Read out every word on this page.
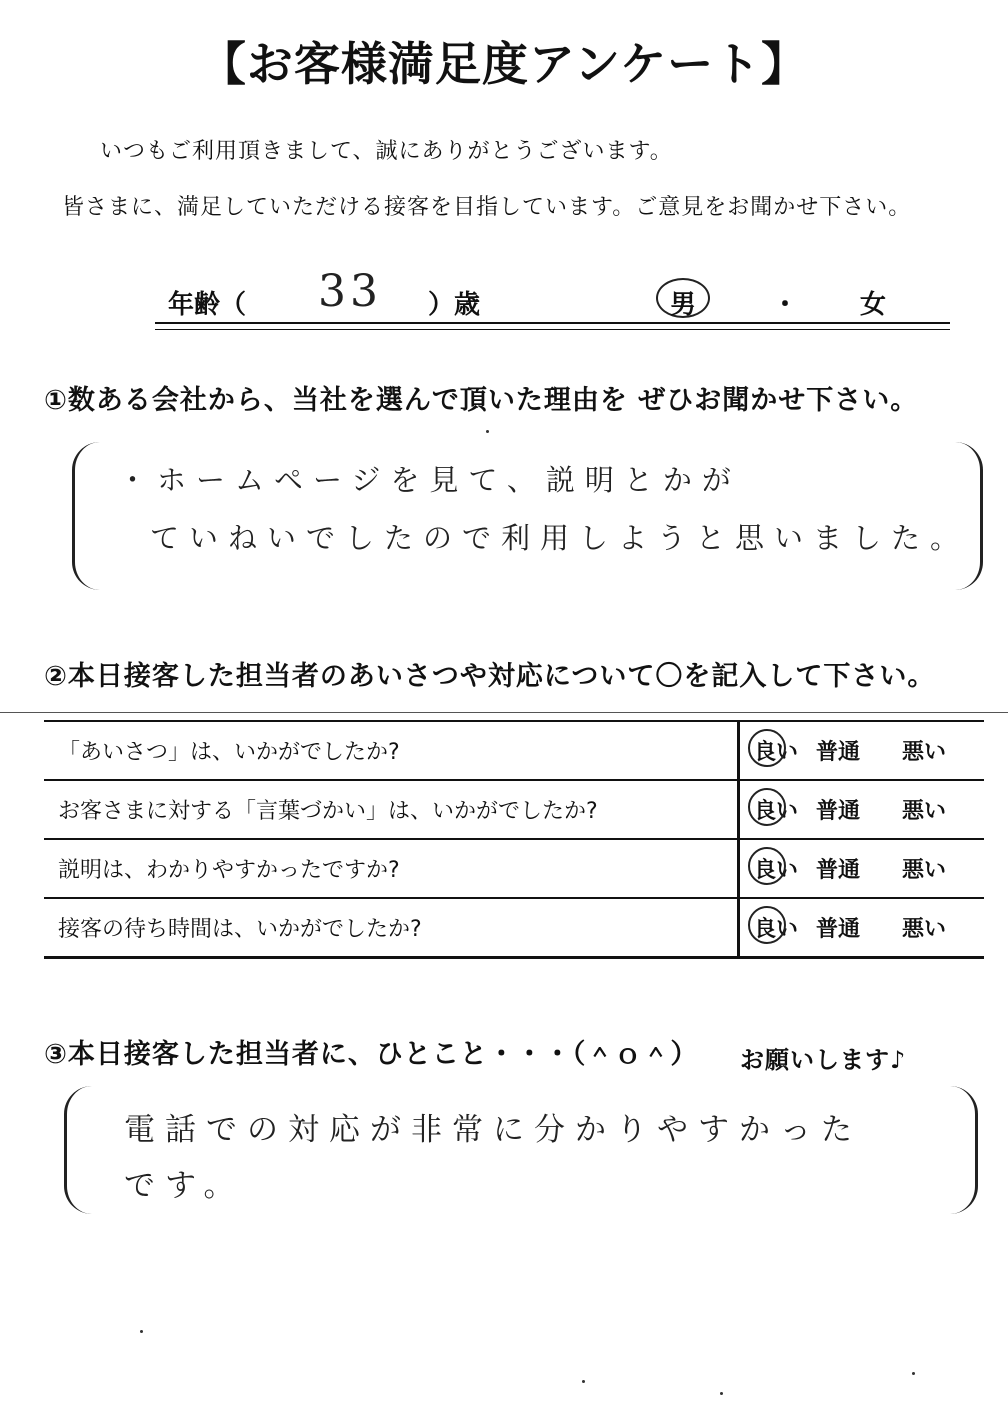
【お客様満足度アンケート】
いつもご利用頂きまして、誠にありがとうございます。
皆さまに、満足していただける接客を目指しています。ご意見をお聞かせ下さい。
年齢（ 33 ）歳	男	・ 女
①数ある会社から、当社を選んで頂いた理由を ぜひお聞かせ下さい。
・ホームページを見て、説明とかが
ていねいでしたので利用しようと思いました。
②本日接客した担当者のあいさつや対応について〇を記入して下さい。
「あいさつ」は、いかがでしたか?	良い 普通 悪い
お客さまに対する「言葉づかい」は、いかがでしたか?	良い 普通 悪い
説明は、わかりやすかったですか?	良い 普通 悪い
接客の待ち時間は、いかがでしたか?	良い 普通 悪い
③本日接客した担当者に、ひとこと・・・（＾ｏ＾） お願いします♪
電話での対応が非常に分かりやすかった
です。
